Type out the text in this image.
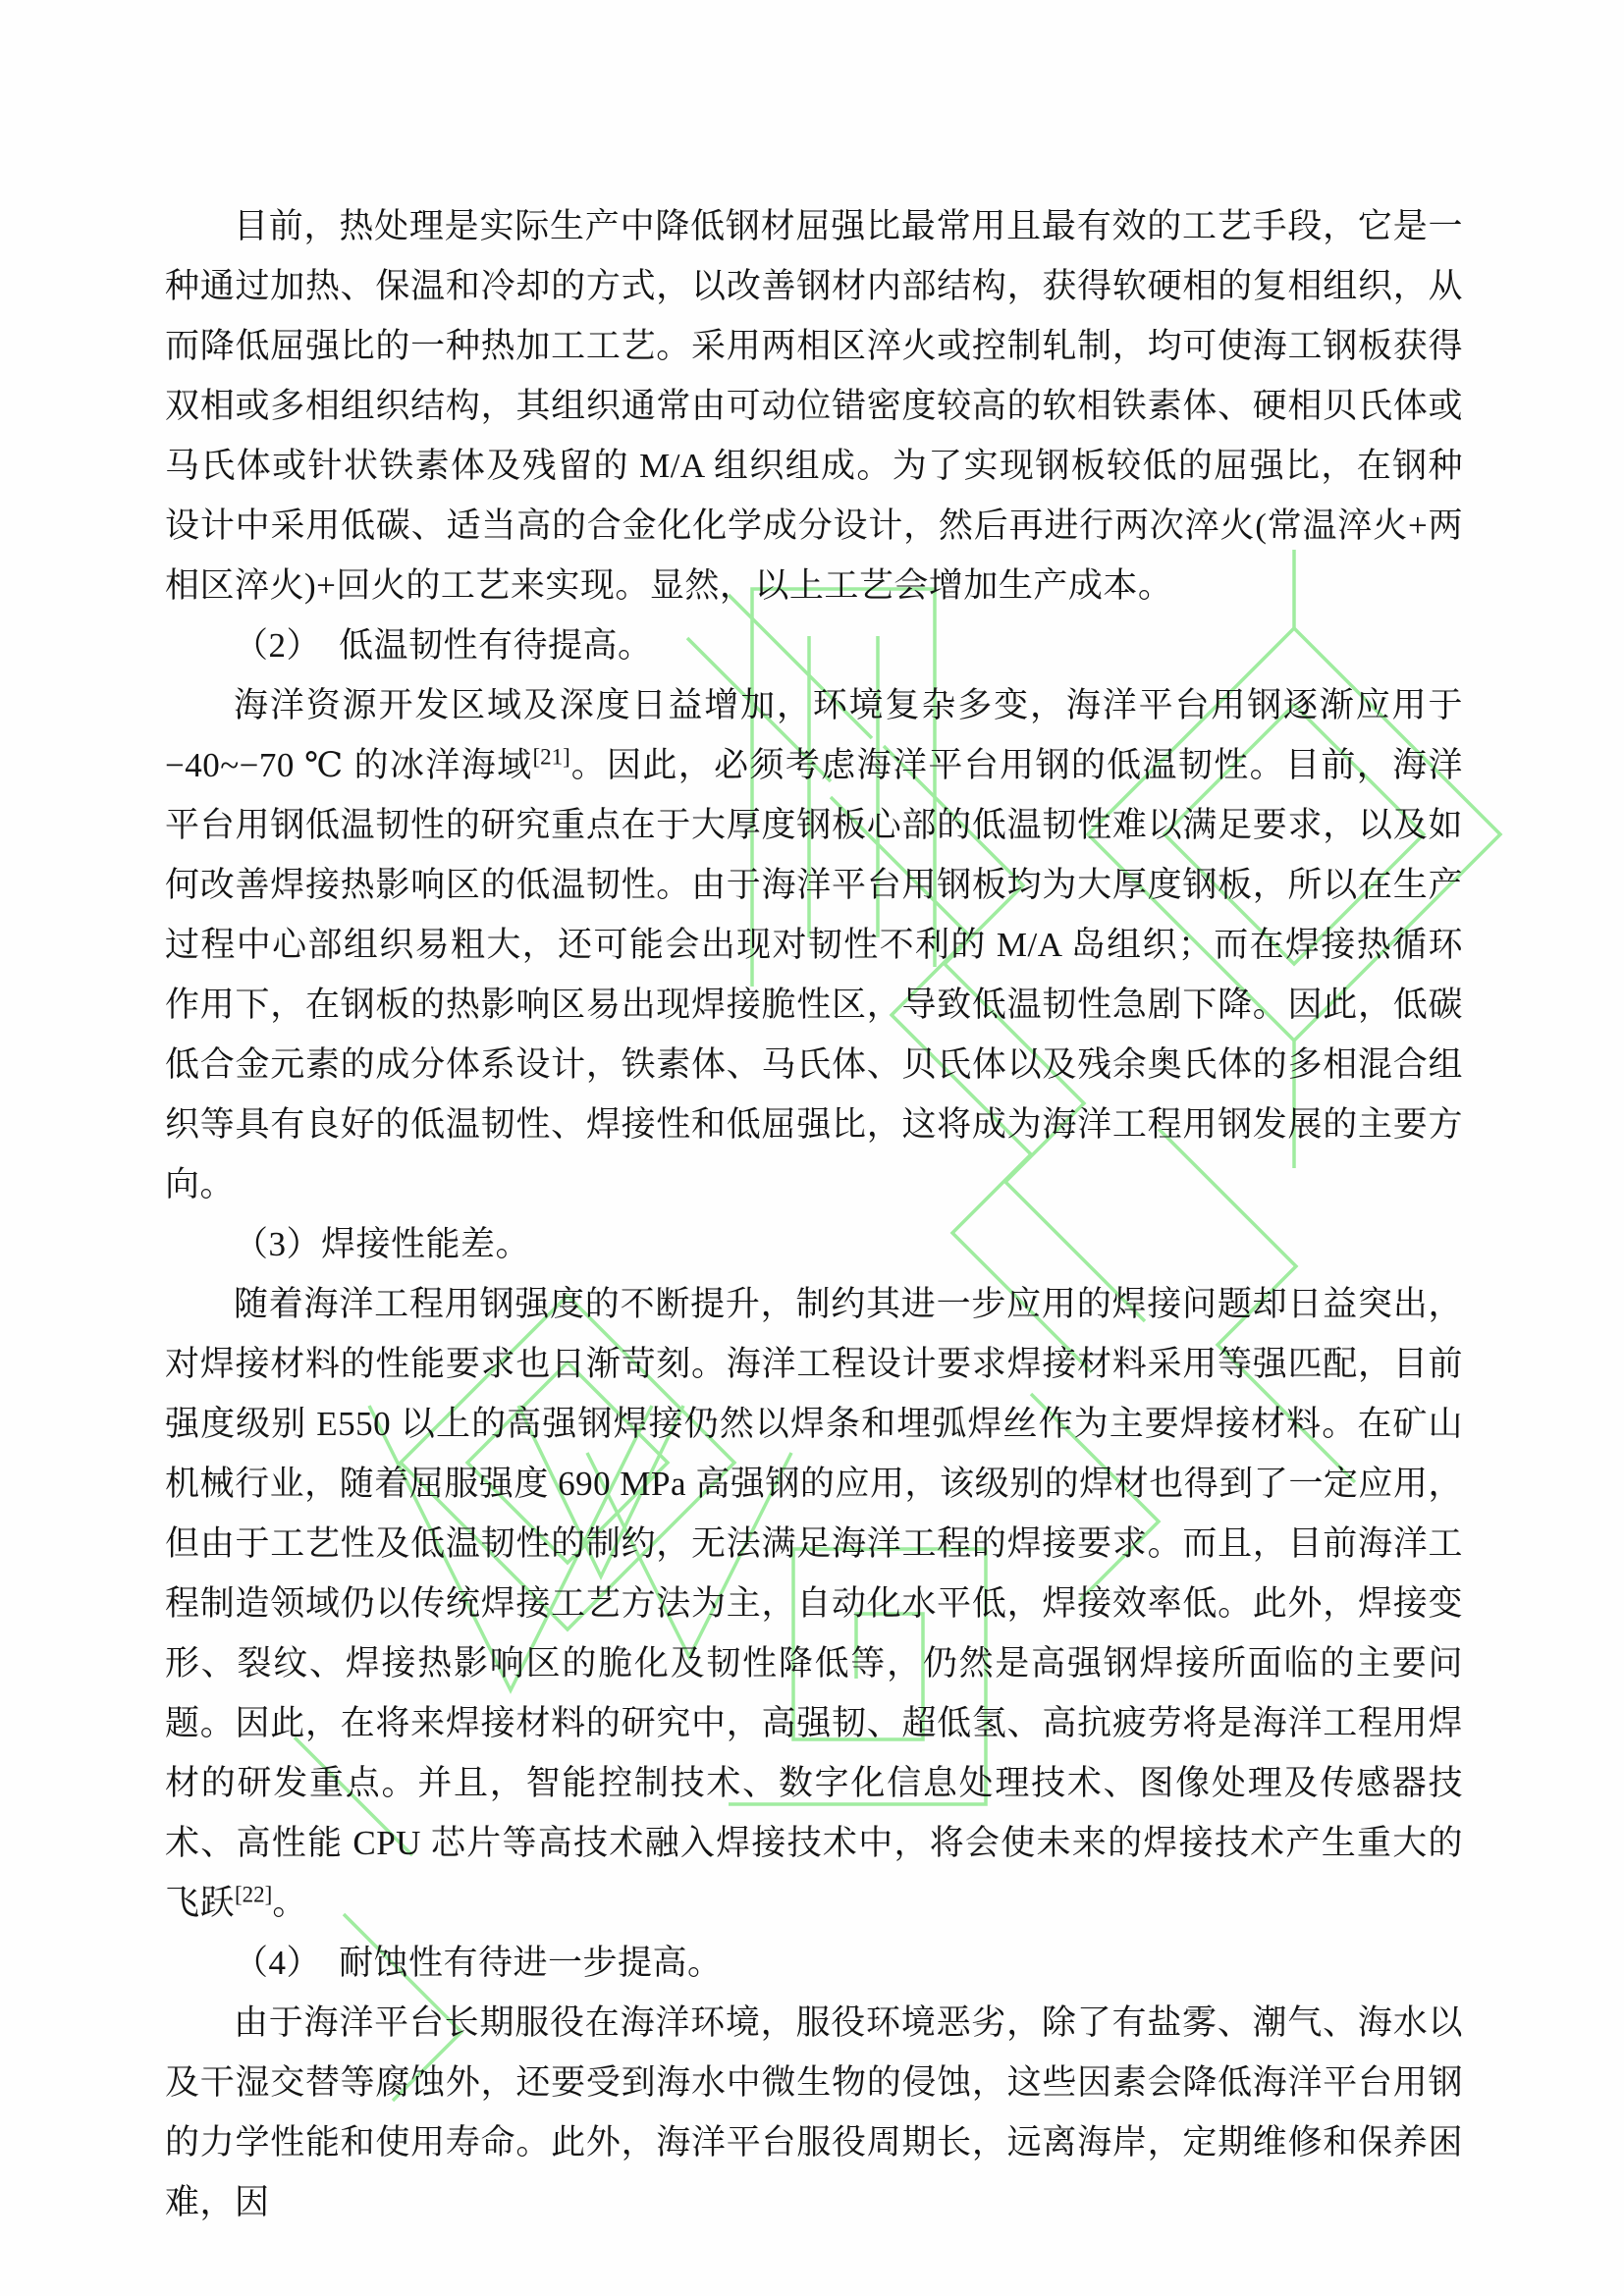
目前，热处理是实际生产中降低钢材屈强比最常用且最有效的工艺手段，它是一种通过加热、保温和冷却的方式，以改善钢材内部结构，获得软硬相的复相组织，从而降低屈强比的一种热加工工艺。采用两相区淬火或控制轧制，均可使海工钢板获得双相或多相组织结构，其组织通常由可动位错密度较高的软相铁素体、硬相贝氏体或马氏体或针状铁素体及残留的 M/A 组织组成。为了实现钢板较低的屈强比，在钢种设计中采用低碳、适当高的合金化化学成分设计，然后再进行两次淬火(常温淬火+两相区淬火)+回火的工艺来实现。显然，以上工艺会增加生产成本。

（2）　低温韧性有待提高。

海洋资源开发区域及深度日益增加，环境复杂多变，海洋平台用钢逐渐应用于−40~−70 ℃ 的冰洋海域[21]。因此，必须考虑海洋平台用钢的低温韧性。目前，海洋平台用钢低温韧性的研究重点在于大厚度钢板心部的低温韧性难以满足要求，以及如何改善焊接热影响区的低温韧性。由于海洋平台用钢板均为大厚度钢板，所以在生产过程中心部组织易粗大，还可能会出现对韧性不利的 M/A 岛组织；而在焊接热循环作用下，在钢板的热影响区易出现焊接脆性区，导致低温韧性急剧下降。因此，低碳低合金元素的成分体系设计，铁素体、马氏体、贝氏体以及残余奥氏体的多相混合组织等具有良好的低温韧性、焊接性和低屈强比，这将成为海洋工程用钢发展的主要方向。

（3）焊接性能差。

随着海洋工程用钢强度的不断提升，制约其进一步应用的焊接问题却日益突出，对焊接材料的性能要求也日渐苛刻。海洋工程设计要求焊接材料采用等强匹配，目前强度级别 E550 以上的高强钢焊接仍然以焊条和埋弧焊丝作为主要焊接材料。在矿山机械行业，随着屈服强度 690 MPa 高强钢的应用，该级别的焊材也得到了一定应用，但由于工艺性及低温韧性的制约，无法满足海洋工程的焊接要求。而且，目前海洋工程制造领域仍以传统焊接工艺方法为主，自动化水平低，焊接效率低。此外，焊接变形、裂纹、焊接热影响区的脆化及韧性降低等，仍然是高强钢焊接所面临的主要问题。因此，在将来焊接材料的研究中，高强韧、超低氢、高抗疲劳将是海洋工程用焊材的研发重点。并且，智能控制技术、数字化信息处理技术、图像处理及传感器技术、高性能 CPU 芯片等高技术融入焊接技术中，将会使未来的焊接技术产生重大的飞跃[22]。

（4）　耐蚀性有待进一步提高。

由于海洋平台长期服役在海洋环境，服役环境恶劣，除了有盐雾、潮气、海水以及干湿交替等腐蚀外，还要受到海水中微生物的侵蚀，这些因素会降低海洋平台用钢的力学性能和使用寿命。此外，海洋平台服役周期长，远离海岸，定期维修和保养困难，因
